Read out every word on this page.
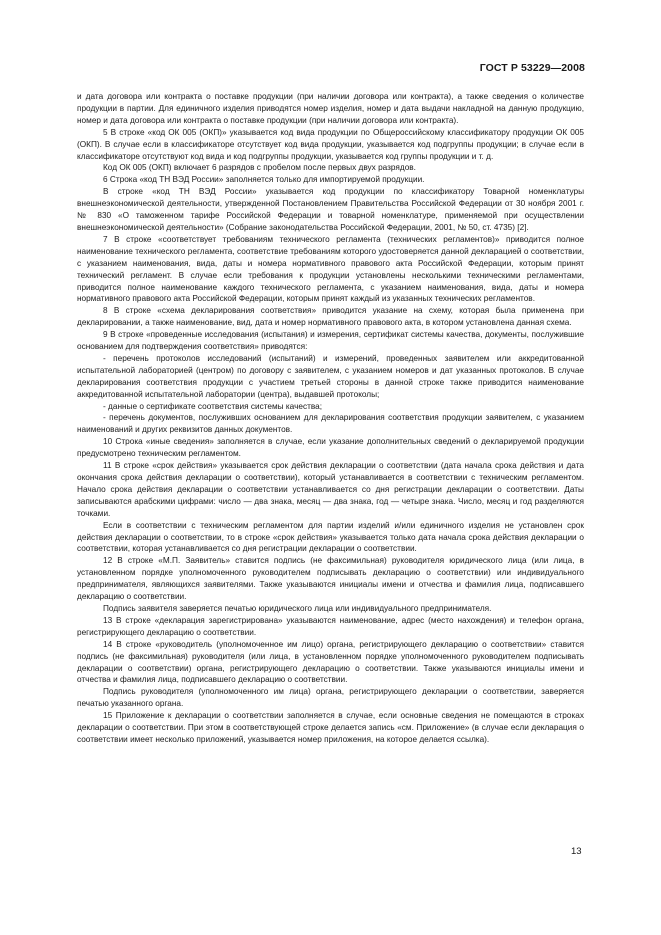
ГОСТ Р 53229—2008

и дата договора или контракта о поставке продукции (при наличии договора или контракта), а также сведения о количестве продукции в партии. Для единичного изделия приводятся номер изделия, номер и дата выдачи накладной на данную продукцию, номер и дата договора или контракта о поставке продукции (при наличии договора или контракта).

5 В строке «код ОК 005 (ОКП)» указывается код вида продукции по Общероссийскому классификатору продукции ОК 005 (ОКП). В случае если в классификаторе отсутствует код вида продукции, указывается код подгруппы продукции; в случае если в классификаторе отсутствуют код вида и код подгруппы продукции, указывается код группы продукции и т. д.

Код ОК 005 (ОКП) включает 6 разрядов с пробелом после первых двух разрядов.

6 Строка «код ТН ВЭД России» заполняется только для импортируемой продукции.

В строке «код ТН ВЭД России» указывается код продукции по классификатору Товарной номенклатуры внешнеэкономической деятельности, утвержденной Постановлением Правительства Российской Федерации от 30 ноября 2001 г. № 830 «О таможенном тарифе Российской Федерации и товарной номенклатуре, применяемой при осуществлении внешнеэкономической деятельности» (Собрание законодательства Российской Федерации, 2001, № 50, ст. 4735) [2].

7 В строке «соответствует требованиям технического регламента (технических регламентов)» приводится полное наименование технического регламента, соответствие требованиям которого удостоверяется данной декларацией о соответствии, с указанием наименования, вида, даты и номера нормативного правового акта Российской Федерации, которым принят технический регламент. В случае если требования к продукции установлены несколькими техническими регламентами, приводится полное наименование каждого технического регламента, с указанием наименования, вида, даты и номера нормативного правового акта Российской Федерации, которым принят каждый из указанных технических регламентов.

8 В строке «схема декларирования соответствия» приводится указание на схему, которая была применена при декларировании, а также наименование, вид, дата и номер нормативного правового акта, в котором установлена данная схема.

9 В строке «проведенные исследования (испытания) и измерения, сертификат системы качества, документы, послужившие основанием для подтверждения соответствия» приводятся:

- перечень протоколов исследований (испытаний) и измерений, проведенных заявителем или аккредитованной испытательной лабораторией (центром) по договору с заявителем, с указанием номеров и дат указанных протоколов. В случае декларирования соответствия продукции с участием третьей стороны в данной строке также приводится наименование аккредитованной испытательной лаборатории (центра), выдавшей протоколы;

- данные о сертификате соответствия системы качества;

- перечень документов, послуживших основанием для декларирования соответствия продукции заявителем, с указанием наименований и других реквизитов данных документов.

10 Строка «иные сведения» заполняется в случае, если указание дополнительных сведений о декларируемой продукции предусмотрено техническим регламентом.

11 В строке «срок действия» указывается срок действия декларации о соответствии (дата начала срока действия и дата окончания срока действия декларации о соответствии), который устанавливается в соответствии с техническим регламентом. Начало срока действия декларации о соответствии устанавливается со дня регистрации декларации о соответствии. Даты записываются арабскими цифрами: число — два знака, месяц — два знака, год — четыре знака. Число, месяц и год разделяются точками.

Если в соответствии с техническим регламентом для партии изделий и/или единичного изделия не установлен срок действия декларации о соответствии, то в строке «срок действия» указывается только дата начала срока действия декларации о соответствии, которая устанавливается со дня регистрации декларации о соответствии.

12 В строке «М.П. Заявитель» ставится подпись (не факсимильная) руководителя юридического лица (или лица, в установленном порядке уполномоченного руководителем подписывать декларацию о соответствии) или индивидуального предпринимателя, являющихся заявителями. Также указываются инициалы имени и отчества и фамилия лица, подписавшего декларацию о соответствии.

Подпись заявителя заверяется печатью юридического лица или индивидуального предпринимателя.

13 В строке «декларация зарегистрирована» указываются наименование, адрес (место нахождения) и телефон органа, регистрирующего декларацию о соответствии.

14 В строке «руководитель (уполномоченное им лицо) органа, регистрирующего декларацию о соответствии» ставится подпись (не факсимильная) руководителя (или лица, в установленном порядке уполномоченного руководителем подписывать декларации о соответствии) органа, регистрирующего декларацию о соответствии. Также указываются инициалы имени и отчества и фамилия лица, подписавшего декларацию о соответствии.

Подпись руководителя (уполномоченного им лица) органа, регистрирующего декларации о соответствии, заверяется печатью указанного органа.

15 Приложение к декларации о соответствии заполняется в случае, если основные сведения не помещаются в строках декларации о соответствии. При этом в соответствующей строке делается запись «см. Приложение» (в случае если декларация о соответствии имеет несколько приложений, указывается номер приложения, на которое делается ссылка).

13
